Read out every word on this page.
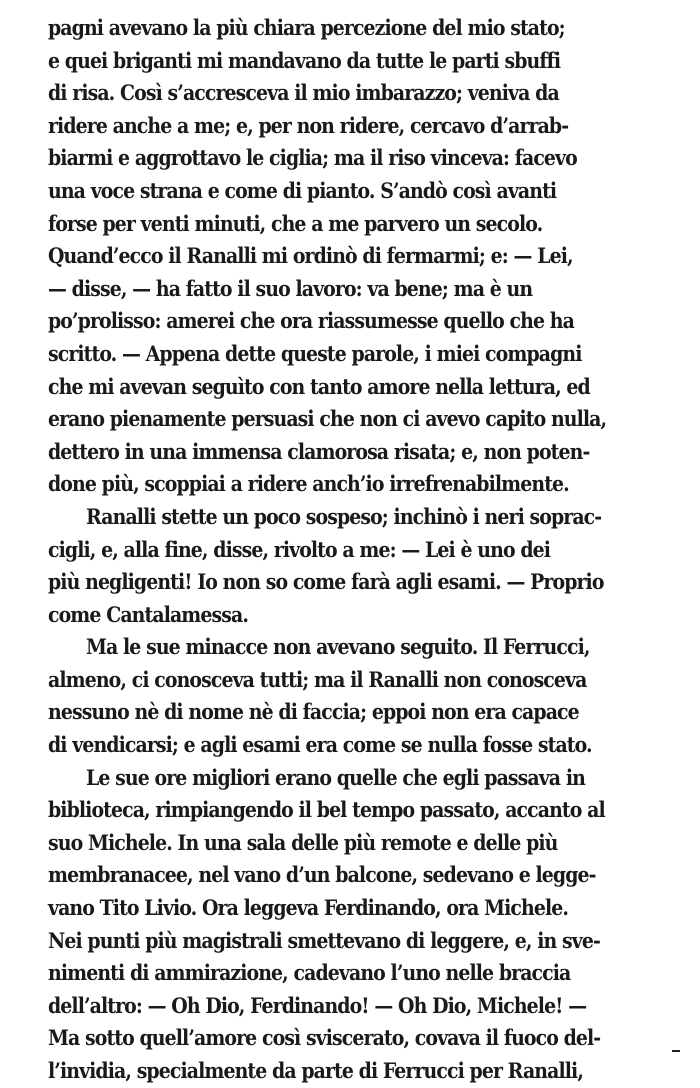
pagni avevano la più chiara percezione del mio stato;
e quei briganti mi mandavano da tutte le parti sbuffi
di risa. Così s’accresceva il mio imbarazzo; veniva da
ridere anche a me; e, per non ridere, cercavo d’arrab-
biarmi e aggrottavo le ciglia; ma il riso vinceva: facevo
una voce strana e come di pianto. S’andò così avanti
forse per venti minuti, che a me parvero un secolo.
Quand’ecco il Ranalli mi ordinò di fermarmi; e: — Lei,
— disse, — ha fatto il suo lavoro: va bene; ma è un
po’prolisso: amerei che ora riassumesse quello che ha
scritto. — Appena dette queste parole, i miei compagni
che mi avevan seguìto con tanto amore nella lettura, ed
erano pienamente persuasi che non ci avevo capito nulla,
dettero in una immensa clamorosa risata; e, non poten-
done più, scoppiai a ridere anch’io irrefrenabilmente.
Ranalli stette un poco sospeso; inchinò i neri soprac-
cigli, e, alla fine, disse, rivolto a me: — Lei è uno dei
più negligenti! Io non so come farà agli esami. — Proprio
come Cantalamessa.
Ma le sue minacce non avevano seguito. Il Ferrucci,
almeno, ci conosceva tutti; ma il Ranalli non conosceva
nessuno nè di nome nè di faccia; eppoi non era capace
di vendicarsi; e agli esami era come se nulla fosse stato.
Le sue ore migliori erano quelle che egli passava in
biblioteca, rimpiangendo il bel tempo passato, accanto al
suo Michele. In una sala delle più remote e delle più
membranacee, nel vano d’un balcone, sedevano e legge-
vano Tito Livio. Ora leggeva Ferdinando, ora Michele.
Nei punti più magistrali smettevano di leggere, e, in sve-
nimenti di ammirazione, cadevano l’uno nelle braccia
dell’altro: — Oh Dio, Ferdinando! — Oh Dio, Michele! —
Ma sotto quell’amore così sviscerato, covava il fuoco del-
l’invidia, specialmente da parte di Ferrucci per Ranalli,
